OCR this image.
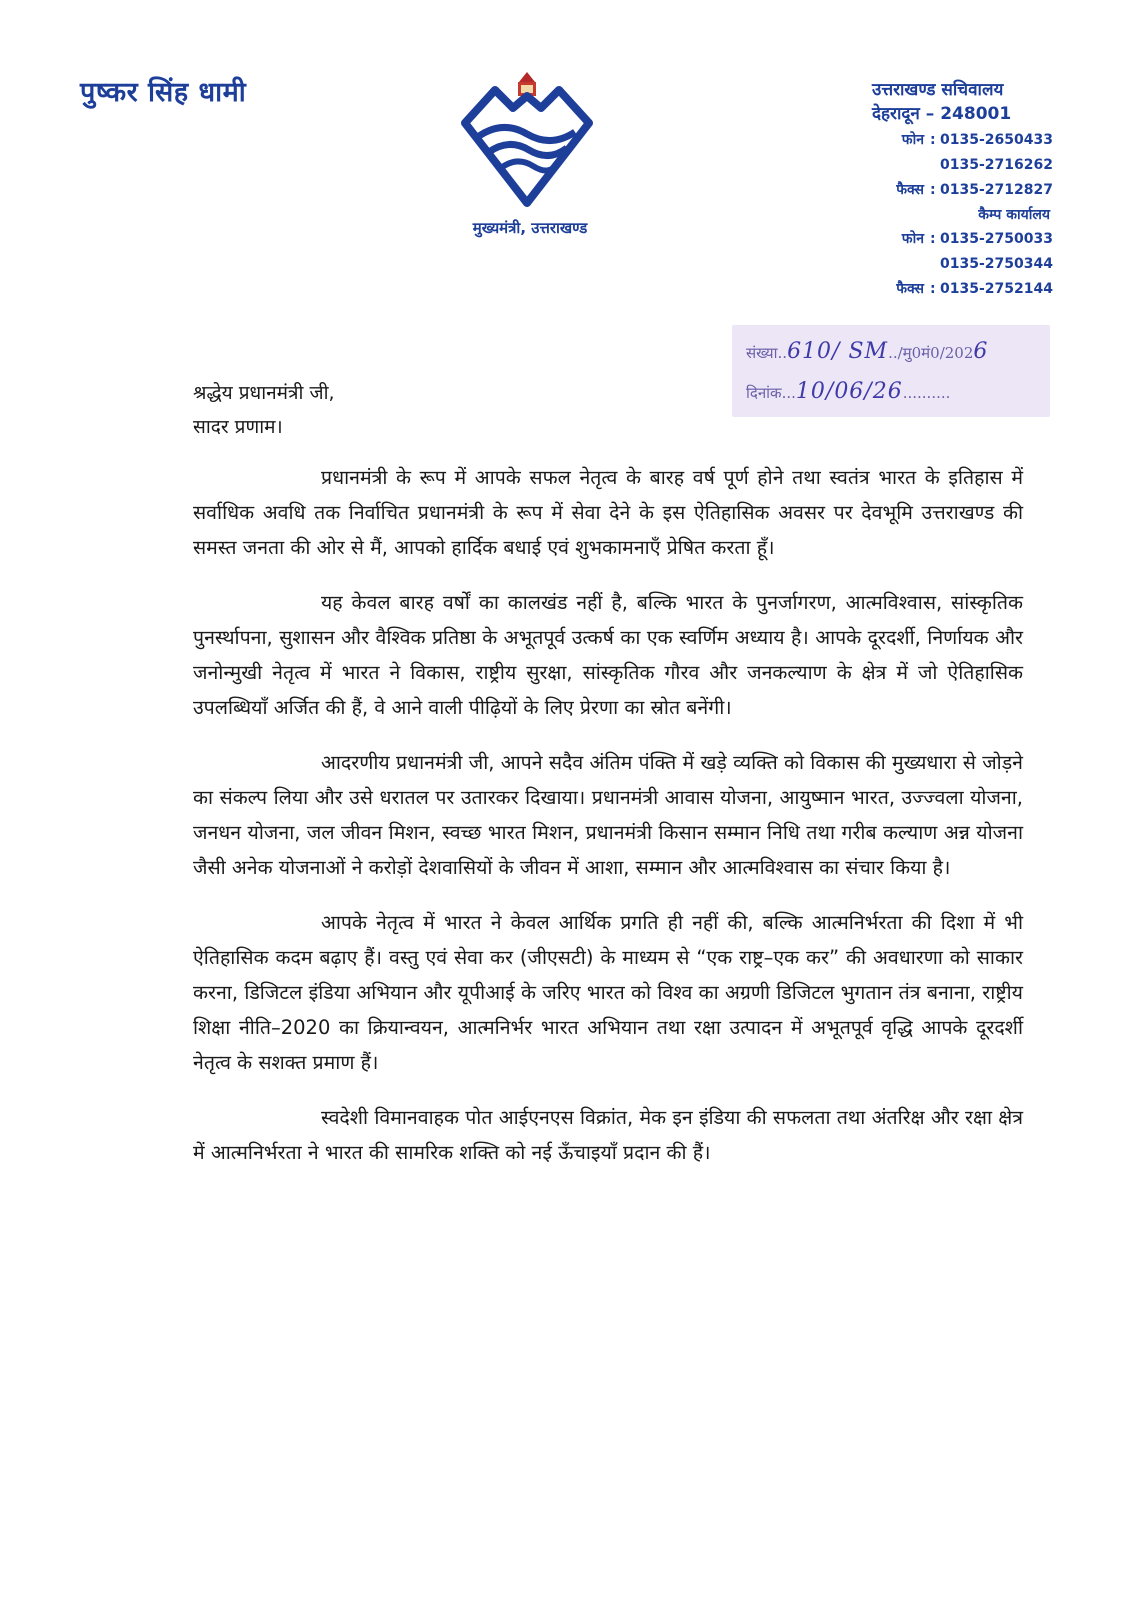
पुष्कर सिंह धामी
मुख्यमंत्री, उत्तराखण्ड
उत्तराखण्ड सचिवालय
देहरादून – 248001
फोन : 0135-2650433
0135-2716262
फैक्स : 0135-2712827
कैम्प कार्यालय
फोन : 0135-2750033
0135-2750344
फैक्स : 0135-2752144
संख्या..610/ SM../मु0मं0/2026
दिनांक...10/06/26..........
श्रद्धेय प्रधानमंत्री जी,
सादर प्रणाम।

प्रधानमंत्री के रूप में आपके सफल नेतृत्व के बारह वर्ष पूर्ण होने तथा स्वतंत्र भारत के इतिहास में सर्वाधिक अवधि तक निर्वाचित प्रधानमंत्री के रूप में सेवा देने के इस ऐतिहासिक अवसर पर देवभूमि उत्तराखण्ड की समस्त जनता की ओर से मैं, आपको हार्दिक बधाई एवं शुभकामनाएँ प्रेषित करता हूँ।

यह केवल बारह वर्षों का कालखंड नहीं है, बल्कि भारत के पुनर्जागरण, आत्मविश्वास, सांस्कृतिक पुनर्स्थापना, सुशासन और वैश्विक प्रतिष्ठा के अभूतपूर्व उत्कर्ष का एक स्वर्णिम अध्याय है। आपके दूरदर्शी, निर्णायक और जनोन्मुखी नेतृत्व में भारत ने विकास, राष्ट्रीय सुरक्षा, सांस्कृतिक गौरव और जनकल्याण के क्षेत्र में जो ऐतिहासिक उपलब्धियाँ अर्जित की हैं, वे आने वाली पीढ़ियों के लिए प्रेरणा का स्रोत बनेंगी।

आदरणीय प्रधानमंत्री जी, आपने सदैव अंतिम पंक्ति में खड़े व्यक्ति को विकास की मुख्यधारा से जोड़ने का संकल्प लिया और उसे धरातल पर उतारकर दिखाया। प्रधानमंत्री आवास योजना, आयुष्मान भारत, उज्ज्वला योजना, जनधन योजना, जल जीवन मिशन, स्वच्छ भारत मिशन, प्रधानमंत्री किसान सम्मान निधि तथा गरीब कल्याण अन्न योजना जैसी अनेक योजनाओं ने करोड़ों देशवासियों के जीवन में आशा, सम्मान और आत्मविश्वास का संचार किया है।

आपके नेतृत्व में भारत ने केवल आर्थिक प्रगति ही नहीं की, बल्कि आत्मनिर्भरता की दिशा में भी ऐतिहासिक कदम बढ़ाए हैं। वस्तु एवं सेवा कर (जीएसटी) के माध्यम से “एक राष्ट्र–एक कर” की अवधारणा को साकार करना, डिजिटल इंडिया अभियान और यूपीआई के जरिए भारत को विश्व का अग्रणी डिजिटल भुगतान तंत्र बनाना, राष्ट्रीय शिक्षा नीति–2020 का क्रियान्वयन, आत्मनिर्भर भारत अभियान तथा रक्षा उत्पादन में अभूतपूर्व वृद्धि आपके दूरदर्शी नेतृत्व के सशक्त प्रमाण हैं।

स्वदेशी विमानवाहक पोत आईएनएस विक्रांत, मेक इन इंडिया की सफलता तथा अंतरिक्ष और रक्षा क्षेत्र में आत्मनिर्भरता ने भारत की सामरिक शक्ति को नई ऊँचाइयाँ प्रदान की हैं।
